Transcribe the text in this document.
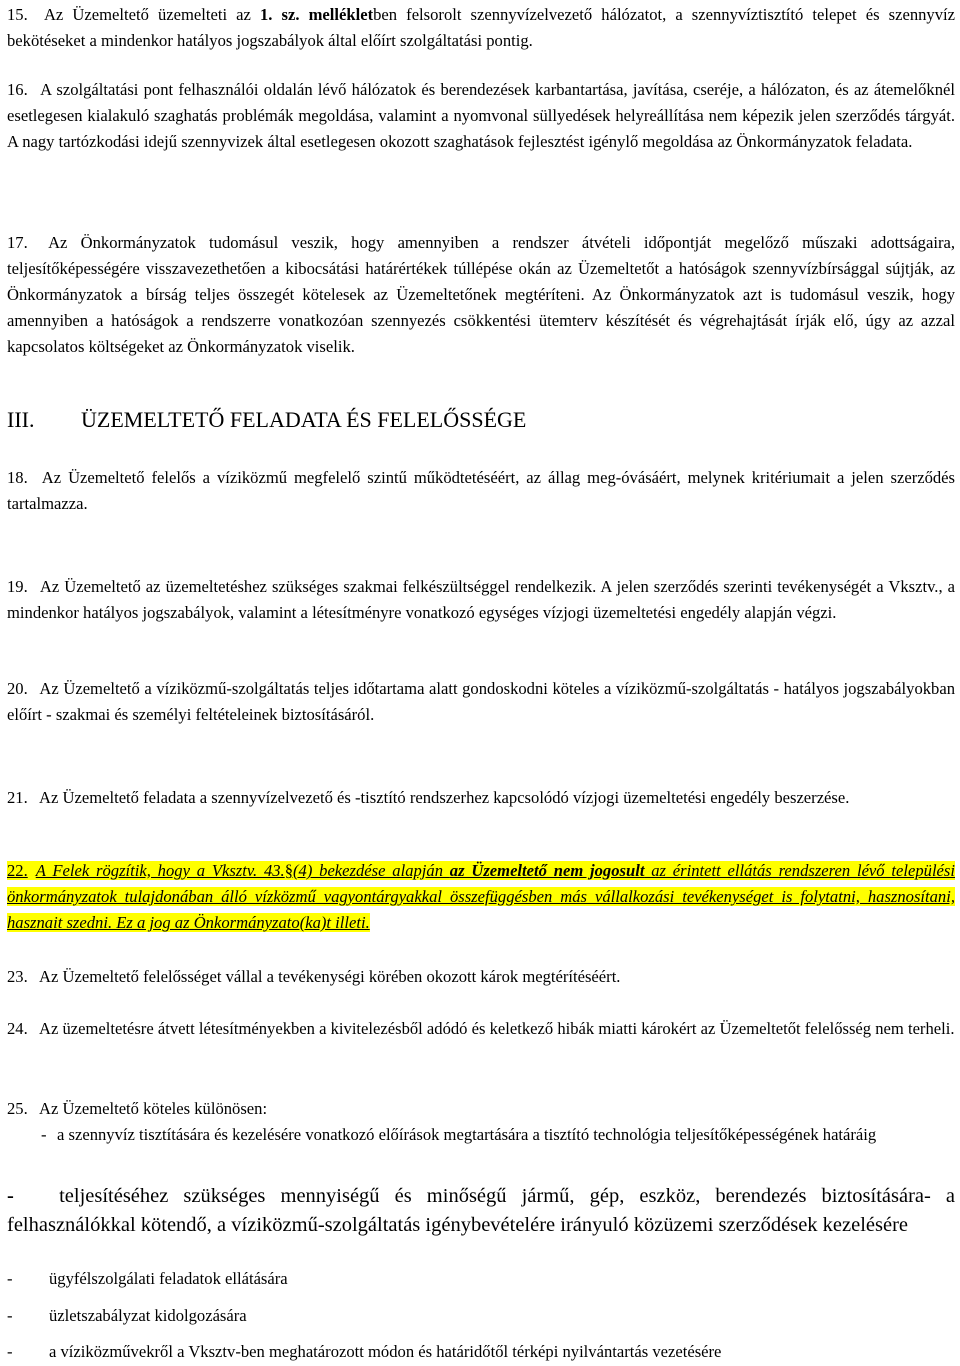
15. Az Üzemeltető üzemelteti az 1. sz. mellékletben felsorolt szennyvízelvezető hálózatot, a szennyvíztisztító telepet és szennyvíz bekötéseket a mindenkor hatályos jogszabályok által előírt szolgáltatási pontig.

16. A szolgáltatási pont felhasználói oldalán lévő hálózatok és berendezések karbantartása, javítása, cseréje, a hálózaton, és az átemelőknél esetlegesen kialakuló szaghatás problémák megoldása, valamint a nyomvonal süllyedések helyreállítása nem képezik jelen szerződés tárgyát. A nagy tartózkodási idejű szennyvizek által esetlegesen okozott szaghatások fejlesztést igénylő megoldása az Önkormányzatok feladata.

17. Az Önkormányzatok tudomásul veszik, hogy amennyiben a rendszer átvételi időpontját megelőző műszaki adottságaira, teljesítőképességére visszavezethetően a kibocsátási határértékek túllépése okán az Üzemeltetőt a hatóságok szennyvízbírsággal sújtják, az Önkormányzatok a bírság teljes összegét kötelesek az Üzemeltetőnek megtéríteni. Az Önkormányzatok azt is tudomásul veszik, hogy amennyiben a hatóságok a rendszerre vonatkozóan szennyezés csökkentési ütemterv készítését és végrehajtását írják elő, úgy az azzal kapcsolatos költségeket az Önkormányzatok viselik.

III. ÜZEMELTETŐ FELADATA ÉS FELELŐSSÉGE

18. Az Üzemeltető felelős a víziközmű megfelelő szintű működtetéséért, az állag meg-óvásáért, melynek kritériumait a jelen szerződés tartalmazza.

19. Az Üzemeltető az üzemeltetéshez szükséges szakmai felkészültséggel rendelkezik. A jelen szerződés szerinti tevékenységét a Vksztv., a mindenkor hatályos jogszabályok, valamint a létesítményre vonatkozó egységes vízjogi üzemeltetési engedély alapján végzi.

20. Az Üzemeltető a víziközmű-szolgáltatás teljes időtartama alatt gondoskodni köteles a víziközmű-szolgáltatás - hatályos jogszabályokban előírt - szakmai és személyi feltételeinek biztosításáról.

21. Az Üzemeltető feladata a szennyvízelvezető és -tisztító rendszerhez kapcsolódó vízjogi üzemeltetési engedély beszerzése.

22. A Felek rögzítik, hogy a Vksztv. 43.§(4) bekezdése alapján az Üzemeltető nem jogosult az érintett ellátás rendszeren lévő települési önkormányzatok tulajdonában álló vízközmű vagyontárgyakkal összefüggésben más vállalkozási tevékenységet is folytatni, hasznosítani, hasznait szedni. Ez a jog az Önkormányzato(ka)t illeti.

23. Az Üzemeltető felelősséget vállal a tevékenységi körében okozott károk megtérítéséért.

24. Az üzemeltetésre átvett létesítményekben a kivitelezésből adódó és keletkező hibák miatti károkért az Üzemeltetőt felelősség nem terheli.

25. Az Üzemeltető köteles különösen:

- a szennyvíz tisztítására és kezelésére vonatkozó előírások megtartására a tisztító technológia teljesítőképességének határáig
- teljesítéséhez szükséges mennyiségű és minőségű jármű, gép, eszköz, berendezés biztosítására- a felhasználókkal kötendő, a víziközmű-szolgáltatás igénybevételére irányuló közüzemi szerződések kezelésére
-	ügyfélszolgálati feladatok ellátására
-	üzletszabályzat kidolgozására
-	a víziközművekről a Vksztv-ben meghatározott módon és határidőtől térképi nyilvántartás vezetésére
